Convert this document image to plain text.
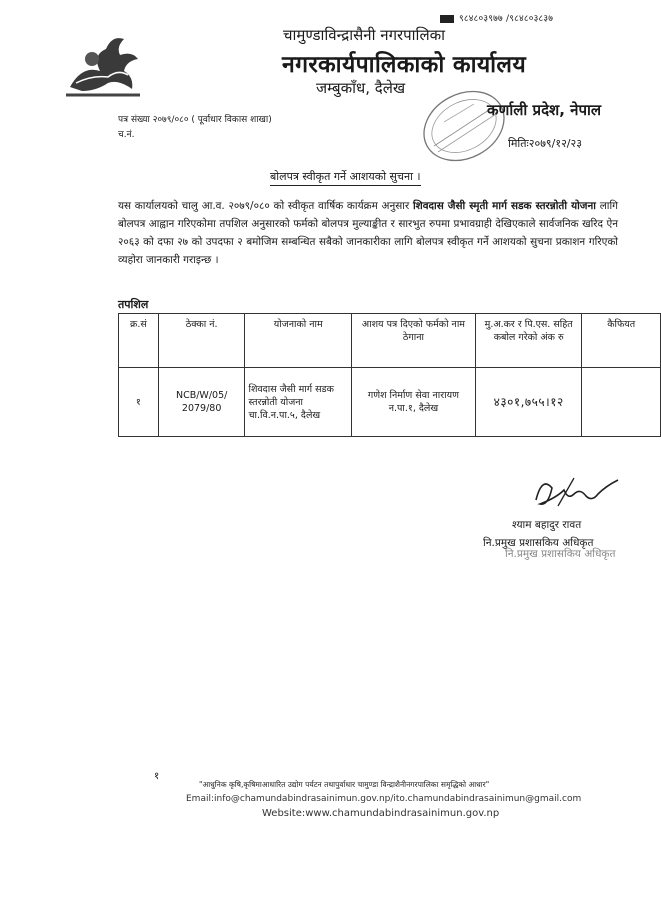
९८४८०३९७७ /९८४८०३८३७
चामुण्डाविन्द्रासैनी नगरपालिका
नगरकार्यपालिकाको कार्यालय
जम्बुकाँध, दैलेख
कर्णाली प्रदेश, नेपाल
पत्र संख्या २०७९/०८० ( पूर्वाधार विकास शाखा)
च.नं.
मितिः२०७९/१२/२३
बोलपत्र स्वीकृत गर्ने आशयको सुचना ।
यस कार्यालयको चालु आ.व. २०७९/०८० को स्वीकृत वार्षिक कार्यक्रम अनुसार शिवदास जैसी स्मृती मार्ग सडक स्तरन्नोती योजना लागि बोलपत्र आह्वान गरिएकोमा तपशिल अनुसारको फर्मको बोलपत्र मुल्याङ्कीत र सारभुत रुपमा प्रभावग्राही देखिएकाले सार्वजनिक खरिद ऐन २०६३ को दफा २७ को उपदफा २ बमोजिम सम्बन्धित सबैको जानकारीका लागि बोलपत्र स्वीकृत गर्ने आशयको सुचना प्रकाशन गरिएको व्यहोरा जानकारी गराइन्छ ।
तपशिल
क्र.सं	ठेक्का नं.	योजनाको नाम	आशय पत्र दिएको फर्मको नाम ठेगाना	मु.अ.कर र पि.एस. सहित कबोल गरेको अंक रु	कैफियत
१	NCB/W/05/ 2079/80	शिवदास जैसी मार्ग सडक स्तरन्नोती योजना चा.वि.न.पा.५, दैलेख	गणेश निर्माण सेवा नारायण न.पा.१, दैलेख	४३०१,७५५।१२	
श्याम बहादुर रावत
नि.प्रमुख प्रशासकिय अधिकृत
नि.प्रमुख प्रशासकिय अधिकृत
१
"आधुनिक कृषि,कृषिमाआधारित उद्योग पर्यटन तथापुर्वाधार चामुण्डा विन्द्राशैनीनगरपालिका समृद्धिको आधार"
Email:info@chamundabindrasainimun.gov.np/ito.chamundabindrasainimun@gmail.com
Website:www.chamundabindrasainimun.gov.np
